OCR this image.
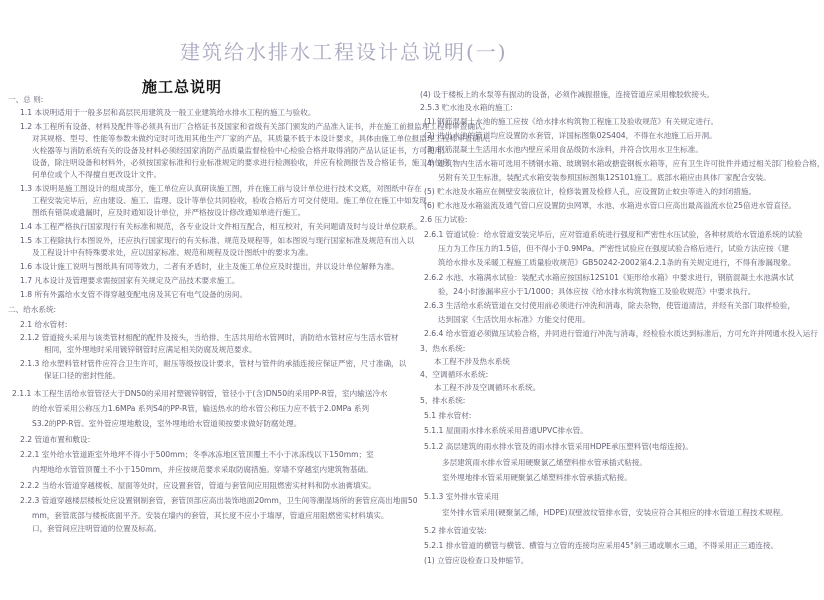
建筑给水排水工程设计总说明(一)
施工总说明
一、总 则:
1.1 本说明适用于一般多层和高层民用建筑及一般工业建筑给水排水工程的施工与验收。
1.2 本工程所有设备、材料及配件等必须具有出厂合格证书及国家和省级有关部门颁发的产品准入证书，并在施工前报监理工程师审查确认。
对其规格、型号、性能等参数未做约定时可选用其他生产厂家的产品，其质量不低于本设计要求，具体由施工单位报监理工程师审查确认。
火栓器等与消防系统有关的设备及材料必须经国家消防产品质量监督检验中心检验合格并取得消防产品认证证书，方可使用。
设备，除注明设备和材料外，必须按国家标准和行业标准规定的要求进行检测验收，并应有检测报告及合格证书，施工单位应
何单位或个人不得擅自更改设计文件。
1.3 本说明是施工图设计的组成部分，施工单位应认真研读施工图，并在施工前与设计单位进行技术交底，对图纸中存在
工程安装完毕后，应由建设、施工、监理、设计等单位共同验收，验收合格后方可交付使用。施工单位在施工中如发现
图纸有错误或遗漏时，应及时通知设计单位，并严格按设计修改通知单进行施工。
1.4 本工程严格执行国家现行有关标准和规范，各专业设计文件相互配合，相互校对，有关问题请及时与设计单位联系。
1.5 本工程除执行本图说外，还应执行国家现行的有关标准、规范及规程等，如本图说与现行国家标准及规范有出入以
及工程设计中有特殊要求处，应以国家标准、规范和规程及设计图纸中的要求为准。
1.6 本设计施工说明与图纸具有同等效力，二者有矛盾时，业主及施工单位应及时提出，并以设计单位解释为准。
1.7 凡本设计及管理要求需按国家有关规定及产品技术要求施工。
1.8 所有外露给水支管不得穿越变配电房及其它有电气设备的房间。
二、给水系统:
2.1 给水管材:
2.1.2 管道接头采用与该类管材相配的配件及接头，当给排、生活共用给水管网时，消防给水管材应与生活水管材
相同，室外埋地时采用镀锌钢管时应满足相关防腐及规范要求。
2.1.3 给水塑料管材管件应符合卫生许可，耐压等级按设计要求，管材与管件的承插连接应保证严密，尺寸准确，以
保证口径的密封性能。
2.1.1 本工程生活给水管管径大于DN50的采用衬塑镀锌钢管，管径小于(含)DN50的采用PP-R管，室内输送冷水
的给水管采用公称压力1.6MPa 系列S4的PP-R管，输送热水的给水管公称压力应不低于2.0MPa 系列
S3.2的PP-R管。室外管应埋地敷设，室外埋地给水管道须按要求做好防腐处理。
2.2 管道布置和敷设:
2.2.1 室外给水管道距室外地坪不得小于500mm；冬季冰冻地区管顶覆土不小于冰冻线以下150mm；室
内埋地给水管管顶覆土不小于150mm，并应按规范要求采取防腐措施。穿墙不穿越室内建筑物基础。
2.2.2 当给水管道穿越楼板、屋面等处时，应设置套管，管道与套管间应用阻燃密实材料和防水油膏填实。
2.2.3 管道穿越楼层楼板处应设置钢制套管，套管顶部应高出装饰地面20mm，卫生间等潮湿场所的套管应高出地面50
mm，套管底部与楼板底面平齐。安装在墙内的套管，其长度不应小于墙厚，管道应用阻燃密实材料填实。
口，套管间应注明管道的位置及标高。
(4) 设于楼板上的水泵等有振动的设备，必须作减振措施，连接管道应采用橡胶软接头。
2.5.3 贮水池及水箱的施工:
(1) 钢筋混凝土水池的施工应按《给水排水构筑物工程施工及验收规范》有关规定进行。
(2) 进出水池的管道均应设置防水套管，详国标图集02S404，不得在水池施工后开洞。
(3) 钢筋混凝土生活用水水池内壁应采用食品级防水涂料，并符合饮用水卫生标准。
(4) 建筑物内生活水箱可选用不锈钢水箱、玻璃钢水箱或搪瓷钢板水箱等，应有卫生许可批件并通过相关部门检验合格，
另附有关卫生标准，装配式水箱安装参照国标图集12S101施工。底部水箱应由具体厂家配合安装。
(5) 贮水池及水箱应在侧壁安装液位计，检修装置及检修人孔，应设置防止蚊虫等进入的封闭措施。
(6) 贮水池及水箱溢流及通气管口应设置防虫网罩，水池、水箱进水管口应高出最高溢流水位25倍进水管直径。
2.6 压力试验:
2.6.1 管道试验：给水管道安装完毕后，应对管道系统进行强度和严密性水压试验，各种材质给水管道系统的试验
压力为工作压力的1.5倍，但不得小于0.9MPa。严密性试验应在强度试验合格后进行，试验方法应按《建
筑给水排水及采暖工程施工质量验收规范》GB50242-2002第4.2.1条的有关规定进行，不得有渗漏现象。
2.6.2 水池、水箱满水试验：装配式水箱应按国标12S101《矩形给水箱》中要求进行，钢筋混凝土水池满水试
验，24小时渗漏率应小于1/1000；具体应按《给水排水构筑物施工及验收规范》中要求执行。
2.6.3 生活给水系统管道在交付使用前必须进行冲洗和消毒，除去杂物，使管道清洁，并经有关部门取样检验，
达到国家《生活饮用水标准》方能交付使用。
2.6.4 给水管道必须做压试验合格，并同进行管道行冲洗与消毒，经检验水质达到标准后，方可允许并网通水投入运行
3、热水系统:
本工程不涉及热水系统
4、空调循环水系统:
本工程不涉及空调循环水系统。
5、排水系统:
5.1 排水管材:
5.1.1 屋面雨水排水系统采用普通UPVC排水管。
5.1.2 高层建筑的雨水排水管及的雨水排水管采用HDPE承压塑料管(电熔连接)。
多层建筑雨水排水管采用硬聚氯乙烯塑料排水管承插式粘接。
室外埋地排水管采用硬聚氯乙烯塑料排水管承插式粘接。
5.1.3 室外排水管采用
室外排水管采用(硬聚氯乙烯，HDPE)双壁波纹管排水管，安装应符合其相应的排水管道工程技术规程。
5.2 排水管道安装:
5.2.1 排水管道的横管与横管、横管与立管的连接均应采用45°斜三通或顺水三通，不得采用正三通连接。
(1) 立管应设检查口及伸缩节。
